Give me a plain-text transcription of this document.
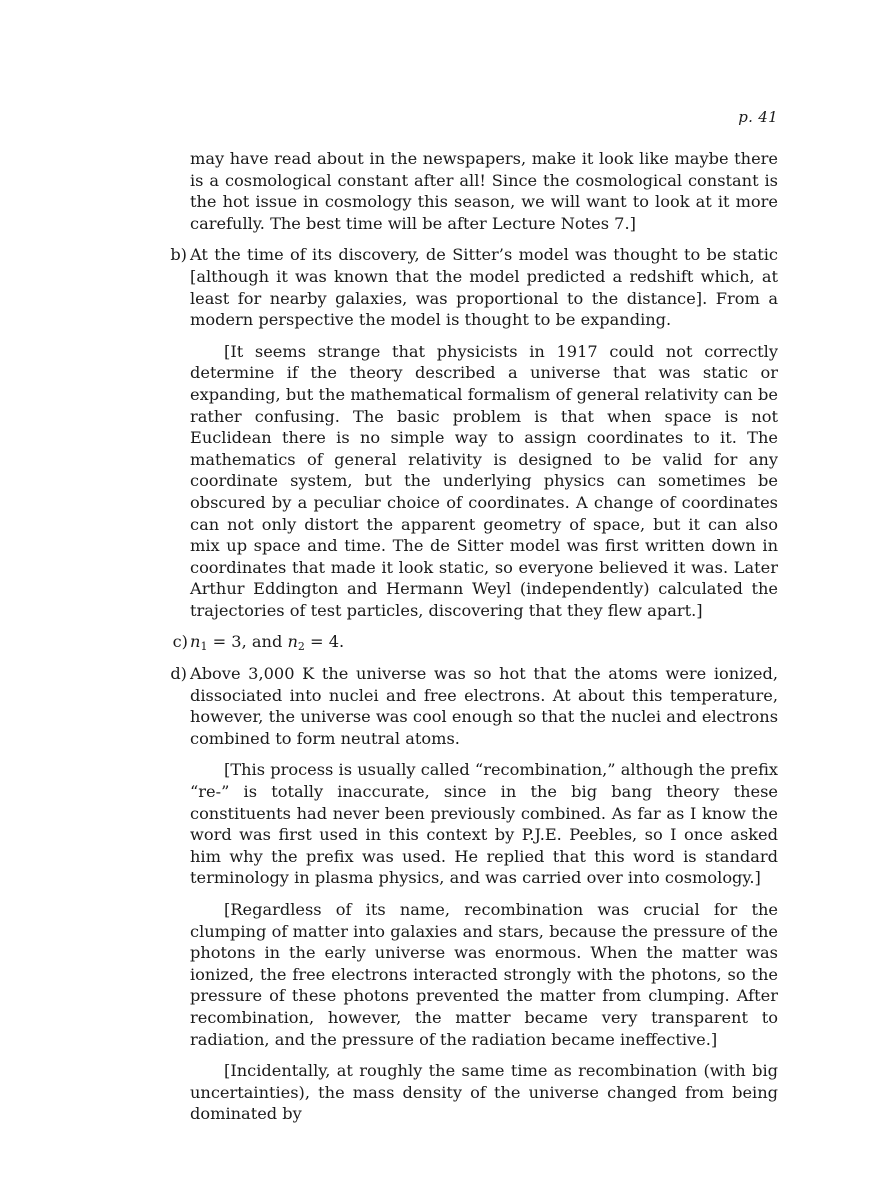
p. 41

may have read about in the newspapers, make it look like maybe there is a cosmological constant after all! Since the cosmological constant is the hot issue in cosmology this season, we will want to look at it more carefully. The best time will be after Lecture Notes 7.]

b) At the time of its discovery, de Sitter’s model was thought to be static [although it was known that the model predicted a redshift which, at least for nearby galaxies, was proportional to the distance]. From a modern perspective the model is thought to be expanding.

[It seems strange that physicists in 1917 could not correctly determine if the theory described a universe that was static or expanding, but the mathematical formalism of general relativity can be rather confusing. The basic problem is that when space is not Euclidean there is no simple way to assign coordinates to it. The mathematics of general relativity is designed to be valid for any coordinate system, but the underlying physics can sometimes be obscured by a peculiar choice of coordinates. A change of coordinates can not only distort the apparent geometry of space, but it can also mix up space and time. The de Sitter model was first written down in coordinates that made it look static, so everyone believed it was. Later Arthur Eddington and Hermann Weyl (independently) calculated the trajectories of test particles, discovering that they flew apart.]

c) $n_1 = 3$, and $n_2 = 4$.

d) Above 3,000 K the universe was so hot that the atoms were ionized, dissociated into nuclei and free electrons. At about this temperature, however, the universe was cool enough so that the nuclei and electrons combined to form neutral atoms.

[This process is usually called “recombination,” although the prefix “re-” is totally inaccurate, since in the big bang theory these constituents had never been previously combined. As far as I know the word was first used in this context by P.J.E. Peebles, so I once asked him why the prefix was used. He replied that this word is standard terminology in plasma physics, and was carried over into cosmology.]

[Regardless of its name, recombination was crucial for the clumping of matter into galaxies and stars, because the pressure of the photons in the early universe was enormous. When the matter was ionized, the free electrons interacted strongly with the photons, so the pressure of these photons prevented the matter from clumping. After recombination, however, the matter became very transparent to radiation, and the pressure of the radiation became ineffective.]

[Incidentally, at roughly the same time as recombination (with big uncertainties), the mass density of the universe changed from being dominated by
